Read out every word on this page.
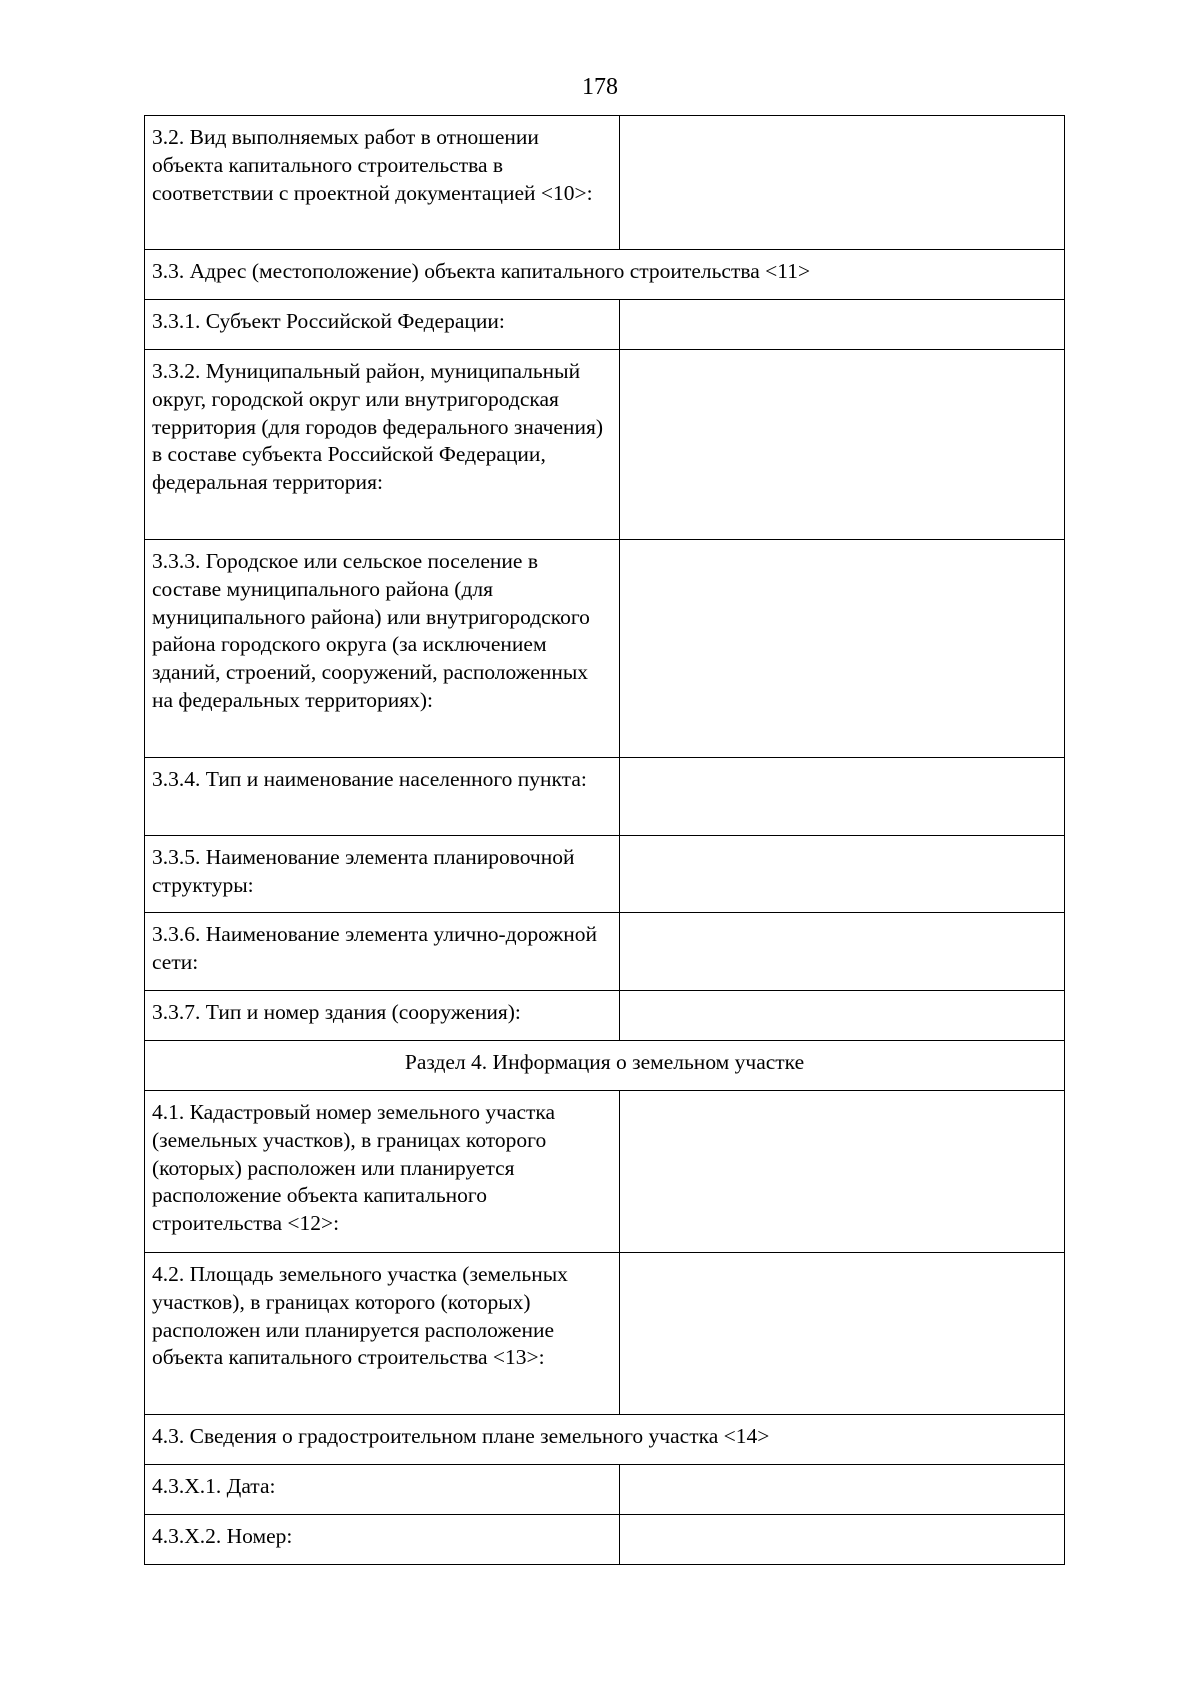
178
3.2. Вид выполняемых работ в отношении объекта капитального строительства в соответствии с проектной документацией <10>:	
3.3. Адрес (местоположение) объекта капитального строительства <11>	
3.3.1. Субъект Российской Федерации:	
3.3.2. Муниципальный район, муниципальный округ, городской округ или внутригородская территория (для городов федерального значения) в составе субъекта Российской Федерации, федеральная территория:	
3.3.3. Городское или сельское поселение в составе муниципального района (для муниципального района) или внутригородского района городского округа (за исключением зданий, строений, сооружений, расположенных на федеральных территориях):	
3.3.4. Тип и наименование населенного пункта:	
3.3.5. Наименование элемента планировочной структуры:	
3.3.6. Наименование элемента улично-дорожной сети:	
3.3.7. Тип и номер здания (сооружения):	
Раздел 4. Информация о земельном участке	
4.1. Кадастровый номер земельного участка (земельных участков), в границах которого (которых) расположен или планируется расположение объекта капитального строительства <12>:	
4.2. Площадь земельного участка (земельных участков), в границах которого (которых) расположен или планируется расположение объекта капитального строительства <13>:	
4.3. Сведения о градостроительном плане земельного участка <14>	
4.3.Х.1. Дата:	
4.3.Х.2. Номер:	
